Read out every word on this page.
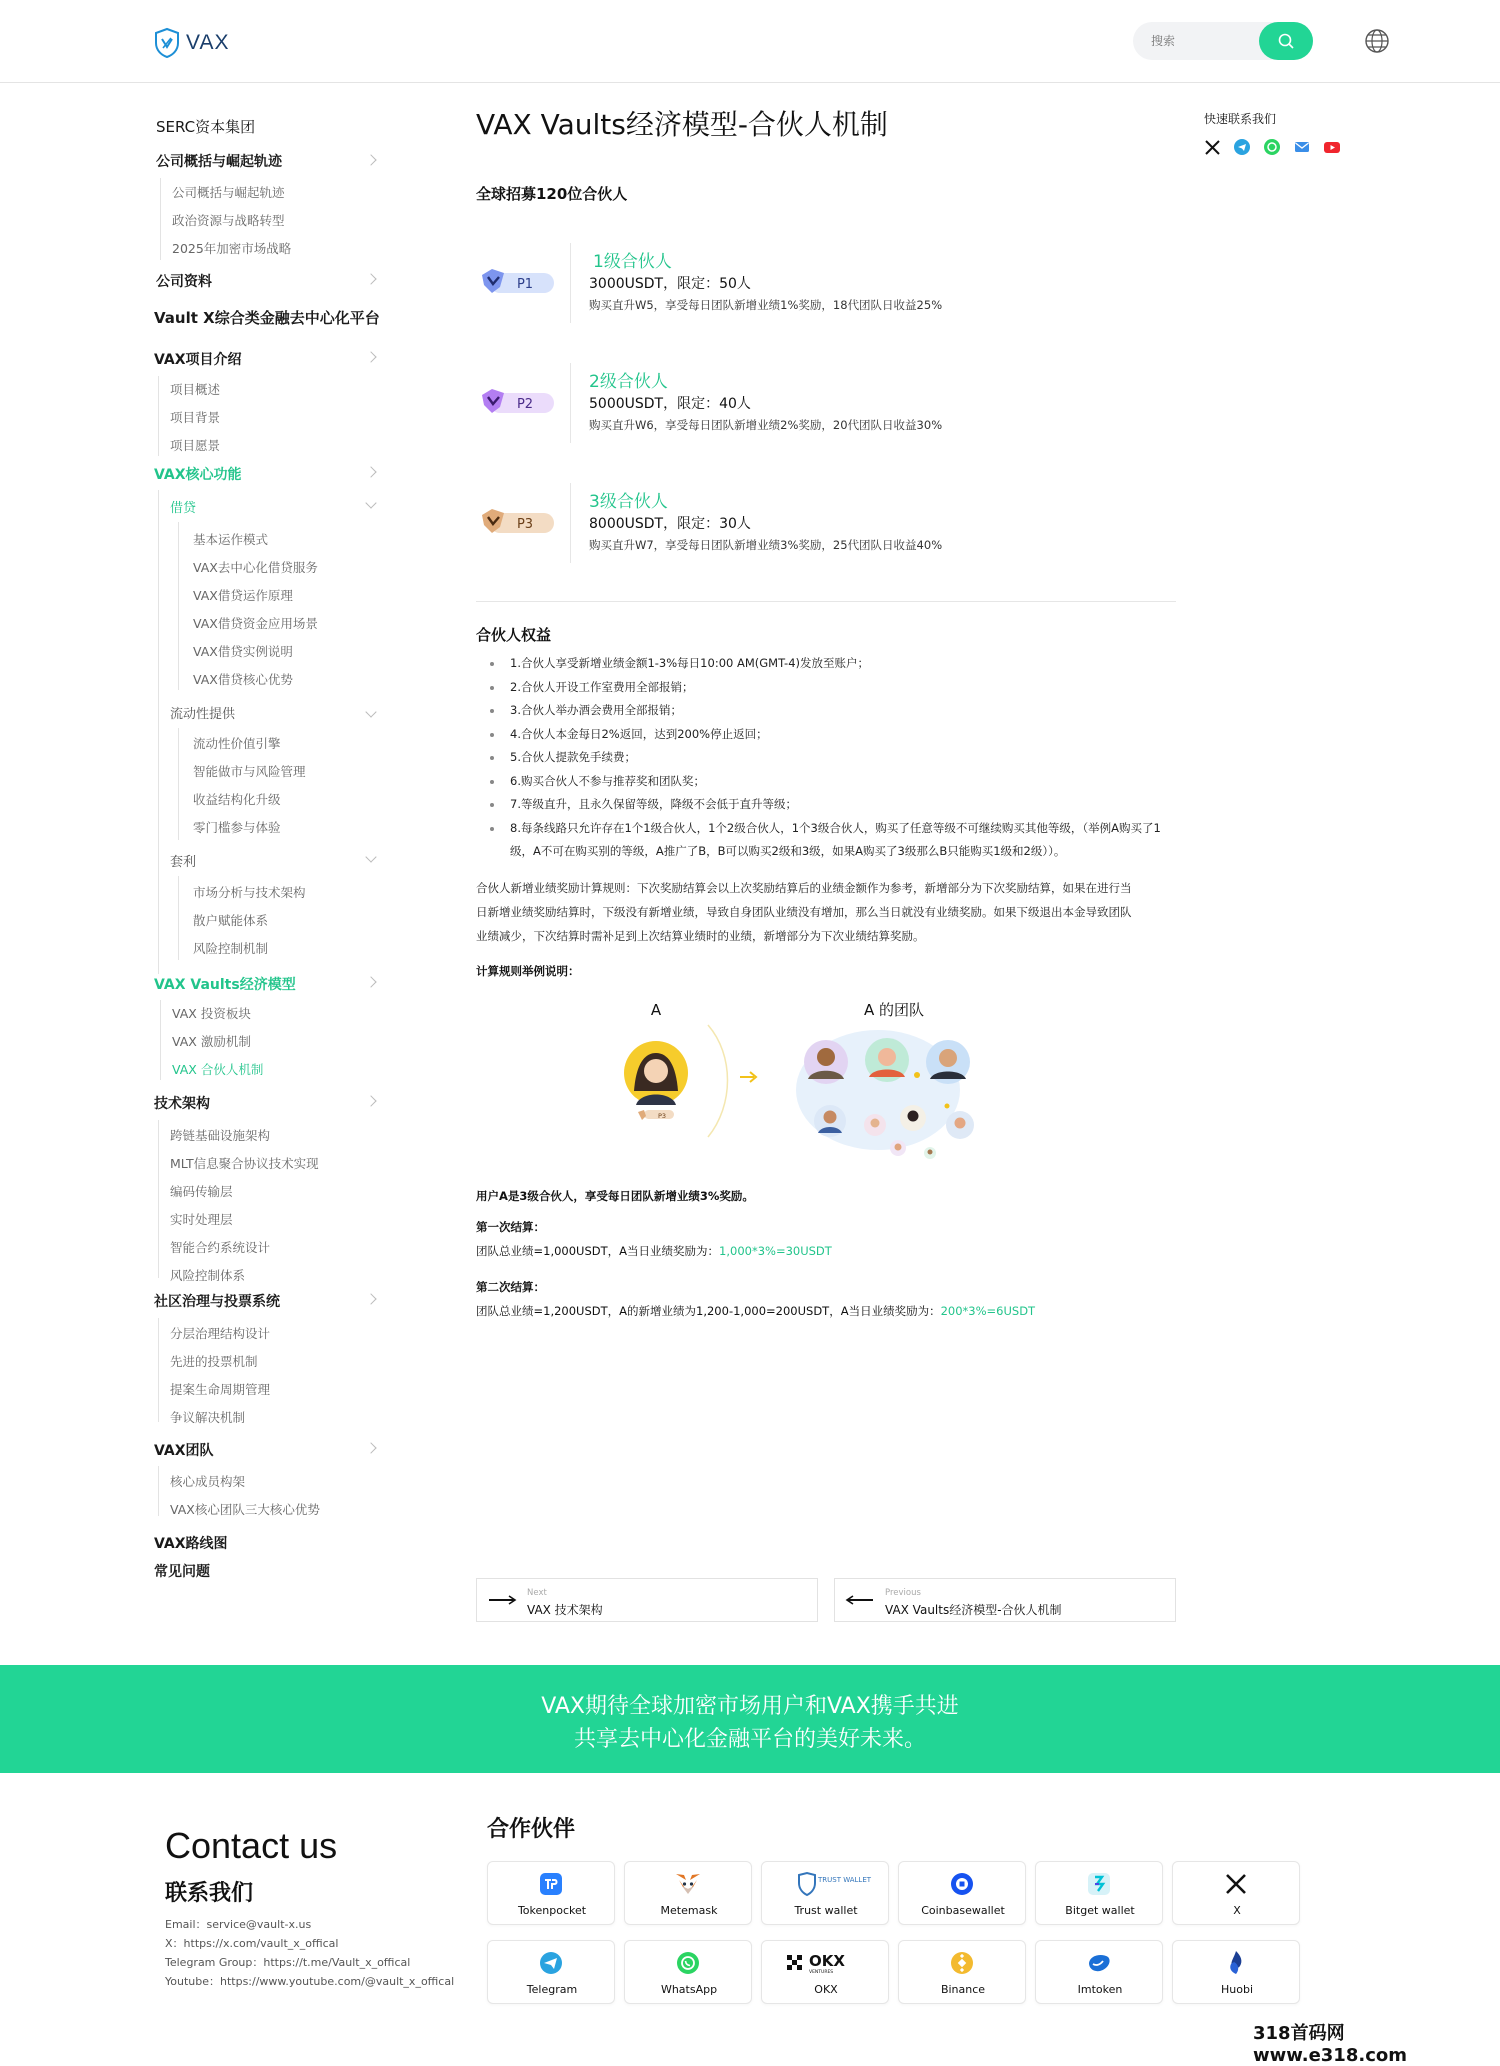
VAX
搜索
SERC资本集团
公司概括与崛起轨迹
公司概括与崛起轨迹
政治资源与战略转型
2025年加密市场战略
公司资料
Vault X综合类金融去中心化平台
VAX项目介绍
项目概述
项目背景
项目愿景
VAX核心功能
借贷
基本运作模式
VAX去中心化借贷服务
VAX借贷运作原理
VAX借贷资金应用场景
VAX借贷实例说明
VAX借贷核心优势
流动性提供
流动性价值引擎
智能做市与风险管理
收益结构化升级
零门槛参与体验
套利
市场分析与技术架构
散户赋能体系
风险控制机制
VAX Vaults经济模型
VAX 投资板块
VAX 激励机制
VAX 合伙人机制
技术架构
跨链基础设施架构
MLT信息聚合协议技术实现
编码传输层
实时处理层
智能合约系统设计
风险控制体系
社区治理与投票系统
分层治理结构设计
先进的投票机制
提案生命周期管理
争议解决机制
VAX团队
核心成员构架
VAX核心团队三大核心优势
VAX路线图
常见问题
VAX Vaults经济模型-合伙人机制
全球招募120位合伙人
P1
1级合伙人
3000USDT，限定：50人
购买直升W5，享受每日团队新增业绩1%奖励，18代团队日收益25%
P2
2级合伙人
5000USDT，限定：40人
购买直升W6，享受每日团队新增业绩2%奖励，20代团队日收益30%
P3
3级合伙人
8000USDT，限定：30人
购买直升W7，享受每日团队新增业绩3%奖励，25代团队日收益40%
合伙人权益
1.合伙人享受新增业绩金额1-3%每日10:00 AM(GMT-4)发放至账户；
2.合伙人开设工作室费用全部报销；
3.合伙人举办酒会费用全部报销；
4.合伙人本金每日2%返回，达到200%停止返回；
5.合伙人提款免手续费；
6.购买合伙人不参与推荐奖和团队奖；
7.等级直升，且永久保留等级，降级不会低于直升等级；
8.每条线路只允许存在1个1级合伙人，1个2级合伙人，1个3级合伙人，购买了任意等级不可继续购买其他等级，（举例A购买了1级，A不可在购买别的等级，A推广了B，B可以购买2级和3级，如果A购买了3级那么B只能购买1级和2级））。
合伙人新增业绩奖励计算规则：下次奖励结算会以上次奖励结算后的业绩金额作为参考，新增部分为下次奖励结算，如果在进行当日新增业绩奖励结算时，下级没有新增业绩，导致自身团队业绩没有增加，那么当日就没有业绩奖励。如果下级退出本金导致团队业绩减少，下次结算时需补足到上次结算业绩时的业绩，新增部分为下次业绩结算奖励。
计算规则举例说明：
A	A 的团队
P3
用户A是3级合伙人，享受每日团队新增业绩3%奖励。
第一次结算：
团队总业绩=1,000USDT，A当日业绩奖励为：1,000*3%=30USDT
第二次结算：
团队总业绩=1,200USDT，A的新增业绩为1,200-1,000=200USDT，A当日业绩奖励为：200*3%=6USDT
Next
VAX 技术架构
Previous
VAX Vaults经济模型-合伙人机制
快速联系我们
VAX期待全球加密市场用户和VAX携手共进
共享去中心化金融平台的美好未来。
Contact us
联系我们
Email：service@vault-x.us
X：https://x.com/vault_x_offical
Telegram Group：https://t.me/Vault_x_offical
Youtube：https://www.youtube.com/@vault_x_offical
合作伙伴
Tokenpocket	Metemask
TRUST WALLET
Trust wallet	Coinbasewallet	Bitget wallet	X
Telegram	WhatsApp
OKX
VENTURES
OKX	Binance	Imtoken	Huobi
318首码网 www.e318.com
